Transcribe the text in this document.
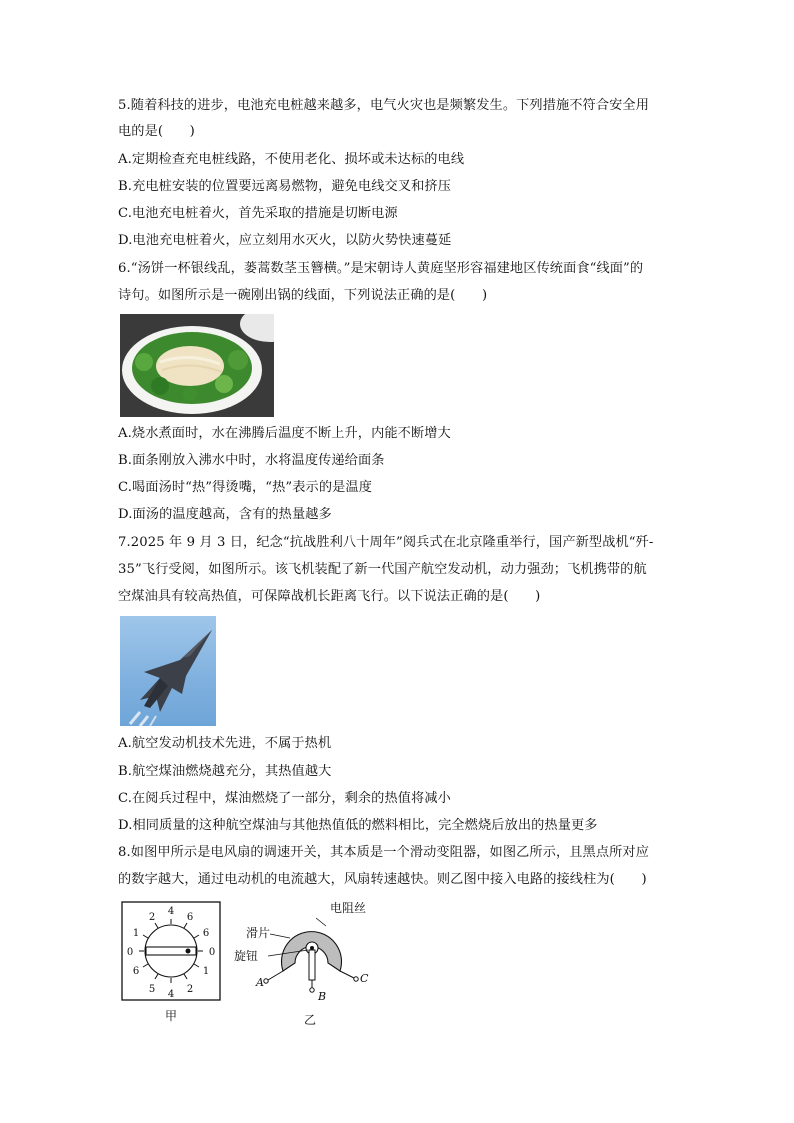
5.随着科技的进步，电池充电桩越来越多，电气火灾也是频繁发生。下列措施不符合安全用
电的是(　　)
A.定期检查充电桩线路，不使用老化、损坏或未达标的电线
B.充电桩安装的位置要远离易燃物，避免电线交叉和挤压
C.电池充电桩着火，首先采取的措施是切断电源
D.电池充电桩着火，应立刻用水灭火，以防火势快速蔓延
6.“汤饼一杯银线乱，蒌蒿数茎玉簪横。”是宋朝诗人黄庭坚形容福建地区传统面食“线面”的
诗句。如图所示是一碗刚出锅的线面，下列说法正确的是(　　)
A.烧水煮面时，水在沸腾后温度不断上升，内能不断增大
B.面条刚放入沸水中时，水将温度传递给面条
C.喝面汤时“热”得烫嘴，“热”表示的是温度
D.面汤的温度越高，含有的热量越多
7.2025 年 9 月 3 日，纪念“抗战胜利八十周年”阅兵式在北京隆重举行，国产新型战机“歼-
35”飞行受阅，如图所示。该飞机装配了新一代国产航空发动机，动力强劲；飞机携带的航
空煤油具有较高热值，可保障战机长距离飞行。以下说法正确的是(　　)
A.航空发动机技术先进，不属于热机
B.航空煤油燃烧越充分，其热值越大
C.在阅兵过程中，煤油燃烧了一部分，剩余的热值将减小
D.相同质量的这种航空煤油与其他热值低的燃料相比，完全燃烧后放出的热量更多
8.如图甲所示是电风扇的调速开关，其本质是一个滑动变阻器，如图乙所示，且黑点所对应
的数字越大，通过电动机的电流越大，风扇转速越快。则乙图中接入电路的接线柱为(　　)
4
2
6
1
6
0	0
6	1
5 4 2
甲
电阻丝
滑片
旋钮
A
B
C
乙
